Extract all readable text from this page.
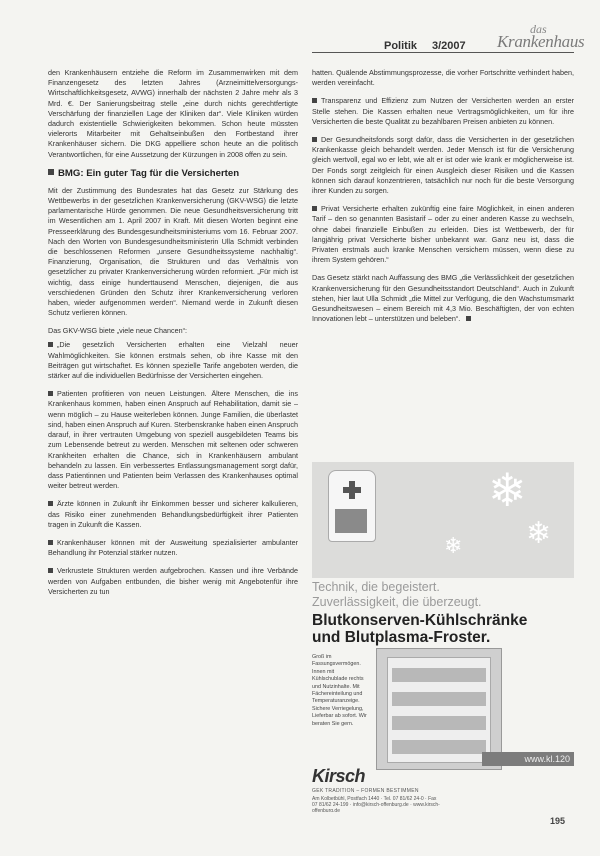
Politik 3/2007
das
Krankenhaus

den Krankenhäusern entziehe die Reform im Zusammenwirken mit dem Finanzengesetz des letzten Jahres (Arzneimittelversorgungs-Wirtschaftlichkeitsgesetz, AVWG) innerhalb der nächsten 2 Jahre mehr als 3 Mrd. €. Der Sanierungsbeitrag stelle „eine durch nichts gerechtfertigte Verschärfung der finanziellen Lage der Kliniken dar“. Viele Kliniken würden dadurch existentielle Schwierigkeiten bekommen. Schon heute müssten vielerorts Mitarbeiter mit Gehaltseinbußen den Fortbestand ihrer Krankenhäuser sichern. Die DKG appelliere schon heute an die politisch Verantwortlichen, für eine Aussetzung der Kürzungen in 2008 offen zu sein.

BMG: Ein guter Tag für die Versicherten

Mit der Zustimmung des Bundesrates hat das Gesetz zur Stärkung des Wettbewerbs in der gesetzlichen Krankenversicherung (GKV-WSG) die letzte parlamentarische Hürde genommen. Die neue Gesundheitsversicherung tritt im Wesentlichen am 1. April 2007 in Kraft. Mit diesen Worten beginnt eine Presseerklärung des Bundesgesundheitsministeriums vom 16. Februar 2007. Nach den Worten von Bundesgesundheitsministerin Ulla Schmidt verbinden die beschlossenen Reformen „unsere Gesundheitssysteme nachhaltig“. Finanzierung, Organisation, die Strukturen und das Verhältnis von gesetzlicher zu privater Krankenversicherung würden reformiert. „Für mich ist wichtig, dass einige hunderttausend Menschen, diejenigen, die aus verschiedenen Gründen den Schutz ihrer Krankenversicherung verloren haben, wieder aufgenommen werden“. Niemand werde in Zukunft diesen Schutz verlieren können.

Das GKV-WSG biete „viele neue Chancen“:

„Die gesetzlich Versicherten erhalten eine Vielzahl neuer Wahlmöglichkeiten. Sie können erstmals sehen, ob ihre Kasse mit den Beiträgen gut wirtschaftet. Es können spezielle Tarife angeboten werden, die stärker auf die individuellen Bedürfnisse der Versicherten eingehen.

Patienten profitieren von neuen Leistungen. Ältere Menschen, die ins Krankenhaus kommen, haben einen Anspruch auf Rehabilitation, damit sie – wenn möglich – zu Hause weiterleben können. Junge Familien, die überlastet sind, haben einen Anspruch auf Kuren. Sterbenskranke haben einen Anspruch darauf, in ihrer vertrauten Umgebung von speziell ausgebildeten Teams bis zum Lebensende betreut zu werden. Menschen mit seltenen oder schweren Krankheiten erhalten die Chance, sich in Krankenhäusern ambulant behandeln zu lassen. Ein verbessertes Entlassungsmanagement sorgt dafür, dass Patientinnen und Patienten beim Verlassen des Krankenhauses optimal weiter betreut werden.

Ärzte können in Zukunft ihr Einkommen besser und sicherer kalkulieren, das Risiko einer zunehmenden Behandlungsbedürftigkeit ihrer Patienten tragen in Zukunft die Kassen.

Krankenhäuser können mit der Ausweitung spezialisierter ambulanter Behandlung ihr Potenzial stärker nutzen.

Verkrustete Strukturen werden aufgebrochen. Kassen und ihre Verbände werden von Aufgaben entbunden, die bisher wenig mit Angebotenfür ihre Versicherten zu tun

hatten. Quälende Abstimmungsprozesse, die vorher Fortschritte verhindert haben, werden vereinfacht.

Transparenz und Effizienz zum Nutzen der Versicherten werden an erster Stelle stehen. Die Kassen erhalten neue Vertragsmöglichkeiten, um für ihre Versicherten die beste Qualität zu bezahlbaren Preisen anbieten zu können.

Der Gesundheitsfonds sorgt dafür, dass die Versicherten in der gesetzlichen Krankenkasse gleich behandelt werden. Jeder Mensch ist für die Versicherung gleich wertvoll, egal wo er lebt, wie alt er ist oder wie krank er möglicherweise ist. Der Fonds sorgt zeitgleich für einen Ausgleich dieser Risiken und die Kassen können sich darauf konzentrieren, tatsächlich nur noch für die beste Versorgung ihrer Kunden zu sorgen.

Privat Versicherte erhalten zukünftig eine faire Möglichkeit, in einen anderen Tarif – den so genannten Basistarif – oder zu einer anderen Kasse zu wechseln, ohne dabei finanzielle Einbußen zu erleiden. Dies ist Wettbewerb, der für langjährig privat Versicherte bisher unbekannt war. Ganz neu ist, dass die Privaten erstmals auch kranke Menschen versichern müssen, wenn diese zu ihrem System gehören.“

Das Gesetz stärkt nach Auffassung des BMG „die Verlässlichkeit der gesetzlichen Krankenversicherung für den Gesundheitsstandort Deutschland“. Auch in Zukunft stehen, hier laut Ulla Schmidt „die Mittel zur Verfügung, die den Wachstumsmarkt Gesundheitswesen – einem Bereich mit 4,3 Mio. Beschäftigten, der von echten Innovationen lebt – unterstützen und beleben“.

❄
❄
❄
Technik, die begeistert.
Zuverlässigkeit, die überzeugt.
Blutkonserven-Kühlschränke
und Blutplasma-Froster.
Groß im Fassungsvermögen. Innen mit Kühlschublade rechts und Nutzinhalte. Mit Fächereinteilung und Temperaturanzeige. Sichere Verriegelung, Lieferbar ab sofort. Wir beraten Sie gern.
www.kl.120
Kirsch
GEK TRADITION – FORMEN BESTIMMEN
Am Kolbetbühl, Postfach 1440 · Tel. 07 81/62 24-0 · Fax 07 81/62 24-199 · info@kirsch-offenburg.de · www.kirsch-offenburg.de
195
